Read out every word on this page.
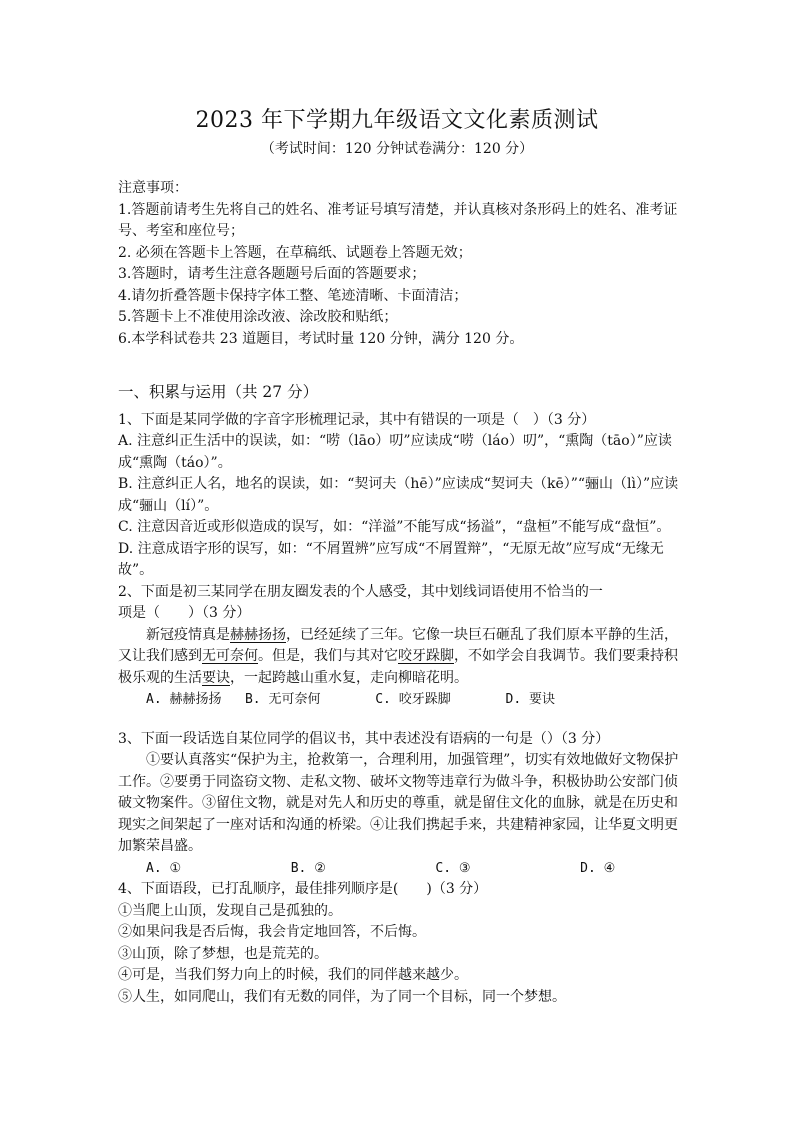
2023 年下学期九年级语文文化素质测试
（考试时间：120 分钟试卷满分：120 分）
注意事项：
1.答题前请考生先将自己的姓名、准考证号填写清楚，并认真核对条形码上的姓名、准考证号、考室和座位号；
2. 必须在答题卡上答题，在草稿纸、试题卷上答题无效；
3.答题时，请考生注意各题题号后面的答题要求；
4.请勿折叠答题卡保持字体工整、笔迹清晰、卡面清洁；
5.答题卡上不准使用涂改液、涂改胶和贴纸；
6.本学科试卷共 23 道题目，考试时量 120 分钟，满分 120 分。
一、积累与运用（共 27 分）
1、下面是某同学做的字音字形梳理记录，其中有错误的一项是（　）（3 分）
A. 注意纠正生活中的误读，如：“唠（lāo）叨”应读成“唠（láo）叨”，“熏陶（tāo）”应读成“熏陶（táo）”。
B. 注意纠正人名，地名的误读，如：“契诃夫（hē）”应读成“契诃夫（kē）”“骊山（lì）”应读成“骊山（lí）”。
C. 注意因音近或形似造成的误写，如：“洋溢”不能写成“扬溢”，“盘桓”不能写成“盘恒”。
D. 注意成语字形的误写，如：“不屑置辨”应写成“不屑置辩”，“无原无故”应写成“无缘无故”。
2、下面是初三某同学在朋友圈发表的个人感受，其中划线词语使用不恰当的一
项是（　　）（3 分）
新冠疫情真是赫赫扬扬，已经延续了三年。它像一块巨石砸乱了我们原本平静的生活，又让我们感到无可奈何。但是，我们与其对它咬牙跺脚，不如学会自我调节。我们要秉持积极乐观的生活要诀，一起跨越山重水复，走向柳暗花明。
A. 赫赫扬扬   B. 无可奈何       C. 咬牙跺脚       D. 要诀
3、下面一段话选自某位同学的倡议书，其中表述没有语病的一句是（）（3 分）
①要认真落实“保护为主，抢救第一，合理利用，加强管理”，切实有效地做好文物保护工作。②要勇于同盗窃文物、走私文物、破坏文物等违章行为做斗争，积极协助公安部门侦破文物案件。③留住文物，就是对先人和历史的尊重，就是留住文化的血脉，就是在历史和现实之间架起了一座对话和沟通的桥梁。④让我们携起手来，共建精神家园，让华夏文明更加繁荣昌盛。
A. ①              B. ②              C. ③              D. ④
4、下面语段，已打乱顺序，最佳排列顺序是(　　)（3 分）
①当爬上山顶，发现自己是孤独的。
②如果问我是否后悔，我会肯定地回答，不后悔。
③山顶，除了梦想，也是荒芜的。
④可是，当我们努力向上的时候，我们的同伴越来越少。
⑤人生，如同爬山，我们有无数的同伴，为了同一个目标，同一个梦想。
